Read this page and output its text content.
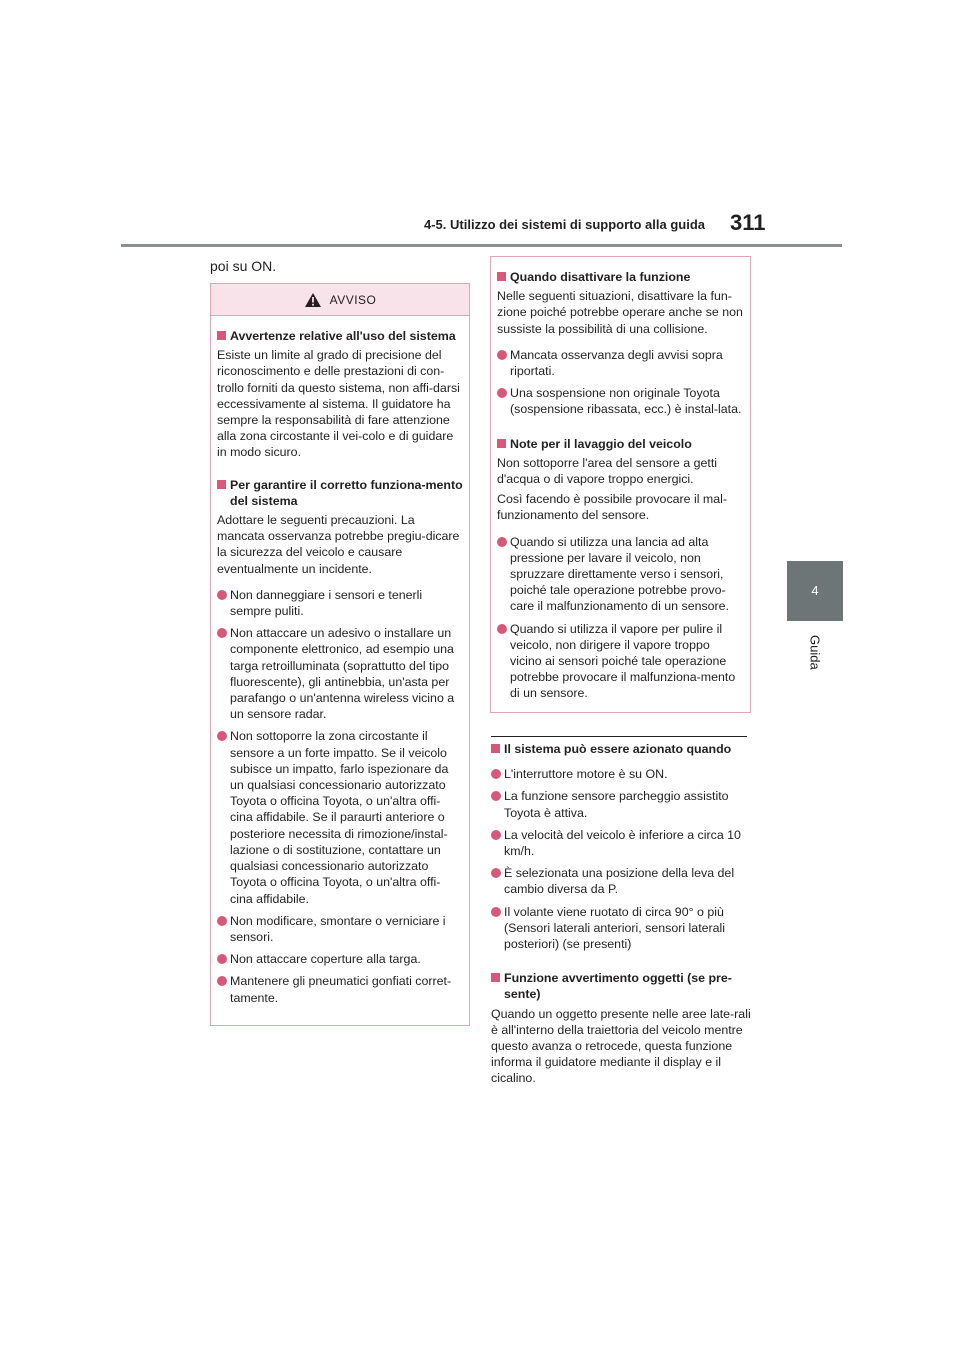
4-5. Utilizzo dei sistemi di supporto alla guida 311
4
Guida
poi su ON.
AVVISO
Avvertenze relative all'uso del sistema
Esiste un limite al grado di precisione del riconoscimento e delle prestazioni di con-trollo forniti da questo sistema, non affi-darsi eccessivamente al sistema. Il guidatore ha sempre la responsabilità di fare attenzione alla zona circostante il vei-colo e di guidare in modo sicuro.
Per garantire il corretto funziona-mento del sistema
Adottare le seguenti precauzioni. La mancata osservanza potrebbe pregiu-dicare la sicurezza del veicolo e causare eventualmente un incidente.
Non danneggiare i sensori e tenerli sempre puliti.
Non attaccare un adesivo o installare un componente elettronico, ad esempio una targa retroilluminata (soprattutto del tipo fluorescente), gli antinebbia, un'asta per parafango o un'antenna wireless vicino a un sensore radar.
Non sottoporre la zona circostante il sensore a un forte impatto. Se il veicolo subisce un impatto, farlo ispezionare da un qualsiasi concessionario autorizzato Toyota o officina Toyota, o un'altra offi-cina affidabile. Se il paraurti anteriore o posteriore necessita di rimozione/instal-lazione o di sostituzione, contattare un qualsiasi concessionario autorizzato Toyota o officina Toyota, o un'altra offi-cina affidabile.
Non modificare, smontare o verniciare i sensori.
Non attaccare coperture alla targa.
Mantenere gli pneumatici gonfiati corret-tamente.
Quando disattivare la funzione
Nelle seguenti situazioni, disattivare la fun-zione poiché potrebbe operare anche se non sussiste la possibilità di una collisione.
Mancata osservanza degli avvisi sopra riportati.
Una sospensione non originale Toyota (sospensione ribassata, ecc.) è instal-lata.
Note per il lavaggio del veicolo
Non sottoporre l'area del sensore a getti d'acqua o di vapore troppo energici.
Così facendo è possibile provocare il mal-funzionamento del sensore.
Quando si utilizza una lancia ad alta pressione per lavare il veicolo, non spruzzare direttamente verso i sensori, poiché tale operazione potrebbe provo-care il malfunzionamento di un sensore.
Quando si utilizza il vapore per pulire il veicolo, non dirigere il vapore troppo vicino ai sensori poiché tale operazione potrebbe provocare il malfunziona-mento di un sensore.
Il sistema può essere azionato quando
L'interruttore motore è su ON.
La funzione sensore parcheggio assistito Toyota è attiva.
La velocità del veicolo è inferiore a circa 10 km/h.
È selezionata una posizione della leva del cambio diversa da P.
Il volante viene ruotato di circa 90° o più (Sensori laterali anteriori, sensori laterali posteriori) (se presenti)
Funzione avvertimento oggetti (se pre-sente)
Quando un oggetto presente nelle aree late-rali è all'interno della traiettoria del veicolo mentre questo avanza o retrocede, questa funzione informa il guidatore mediante il display e il cicalino.
